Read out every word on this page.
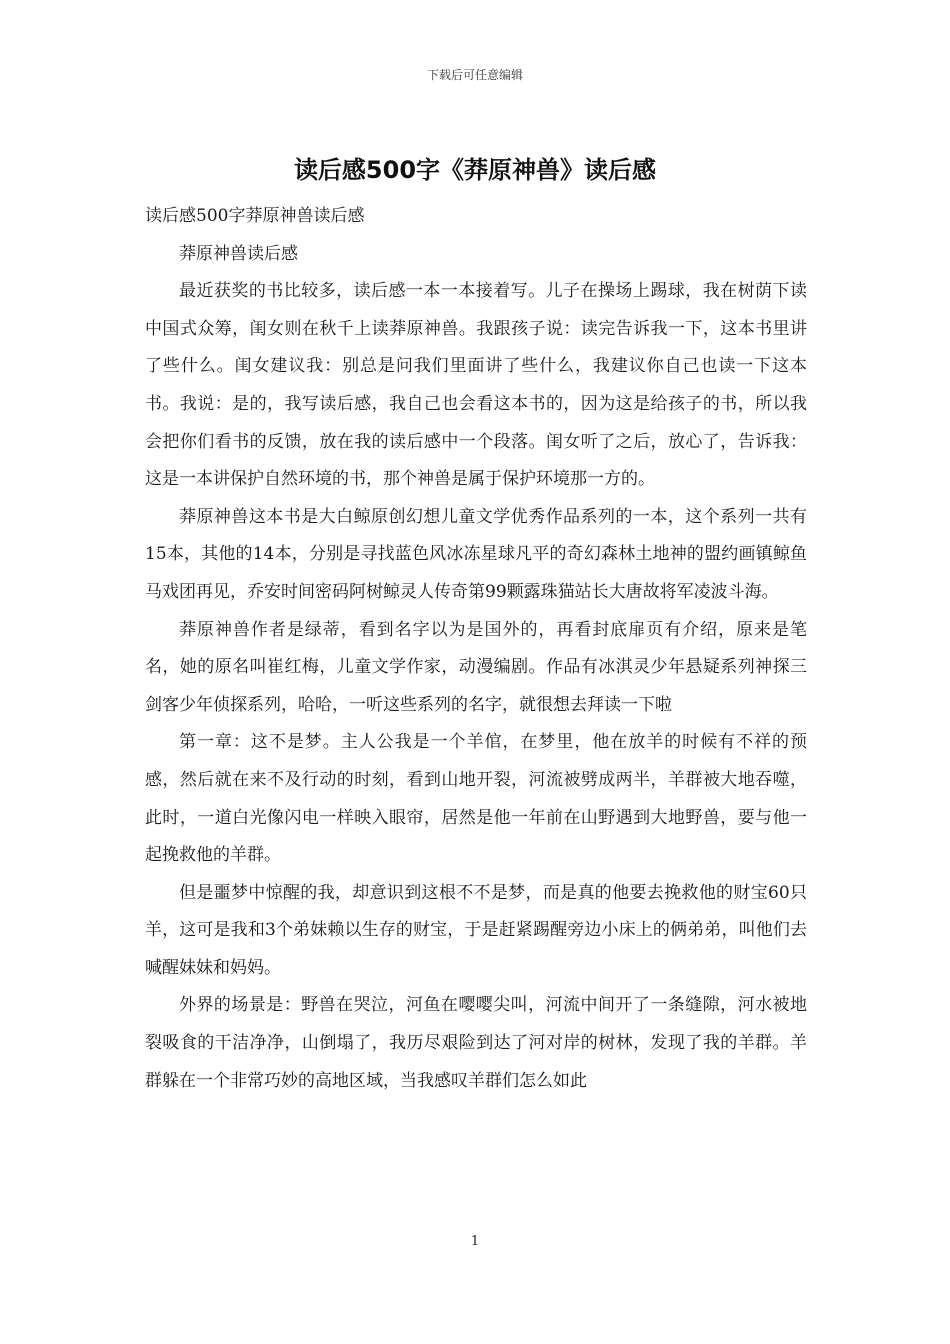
下载后可任意编辑
读后感500字《莽原神兽》读后感

读后感500字莽原神兽读后感

莽原神兽读后感

最近获奖的书比较多，读后感一本一本接着写。儿子在操场上踢球，我在树荫下读中国式众筹，闺女则在秋千上读莽原神兽。我跟孩子说：读完告诉我一下，这本书里讲了些什么。闺女建议我：别总是问我们里面讲了些什么，我建议你自己也读一下这本书。我说：是的，我写读后感，我自己也会看这本书的，因为这是给孩子的书，所以我会把你们看书的反馈，放在我的读后感中一个段落。闺女听了之后，放心了，告诉我：这是一本讲保护自然环境的书，那个神兽是属于保护环境那一方的。

莽原神兽这本书是大白鲸原创幻想儿童文学优秀作品系列的一本，这个系列一共有15本，其他的14本，分别是寻找蓝色风冰冻星球凡平的奇幻森林土地神的盟约画镇鲸鱼马戏团再见，乔安时间密码阿树鲸灵人传奇第99颗露珠猫站长大唐故将军凌波斗海。

莽原神兽作者是绿蒂，看到名字以为是国外的，再看封底扉页有介绍，原来是笔名，她的原名叫崔红梅，儿童文学作家，动漫编剧。作品有冰淇灵少年悬疑系列神探三剑客少年侦探系列，哈哈，一听这些系列的名字，就很想去拜读一下啦

第一章：这不是梦。主人公我是一个羊倌，在梦里，他在放羊的时候有不祥的预感，然后就在来不及行动的时刻，看到山地开裂，河流被劈成两半，羊群被大地吞噬，此时，一道白光像闪电一样映入眼帘，居然是他一年前在山野遇到大地野兽，要与他一起挽救他的羊群。

但是噩梦中惊醒的我，却意识到这根不不是梦，而是真的他要去挽救他的财宝60只羊，这可是我和3个弟妹赖以生存的财宝，于是赶紧踢醒旁边小床上的俩弟弟，叫他们去喊醒妹妹和妈妈。

外界的场景是：野兽在哭泣，河鱼在嘤嘤尖叫，河流中间开了一条缝隙，河水被地裂吸食的干洁净净，山倒塌了，我历尽艰险到达了河对岸的树林，发现了我的羊群。羊群躲在一个非常巧妙的高地区域，当我感叹羊群们怎么如此

1
